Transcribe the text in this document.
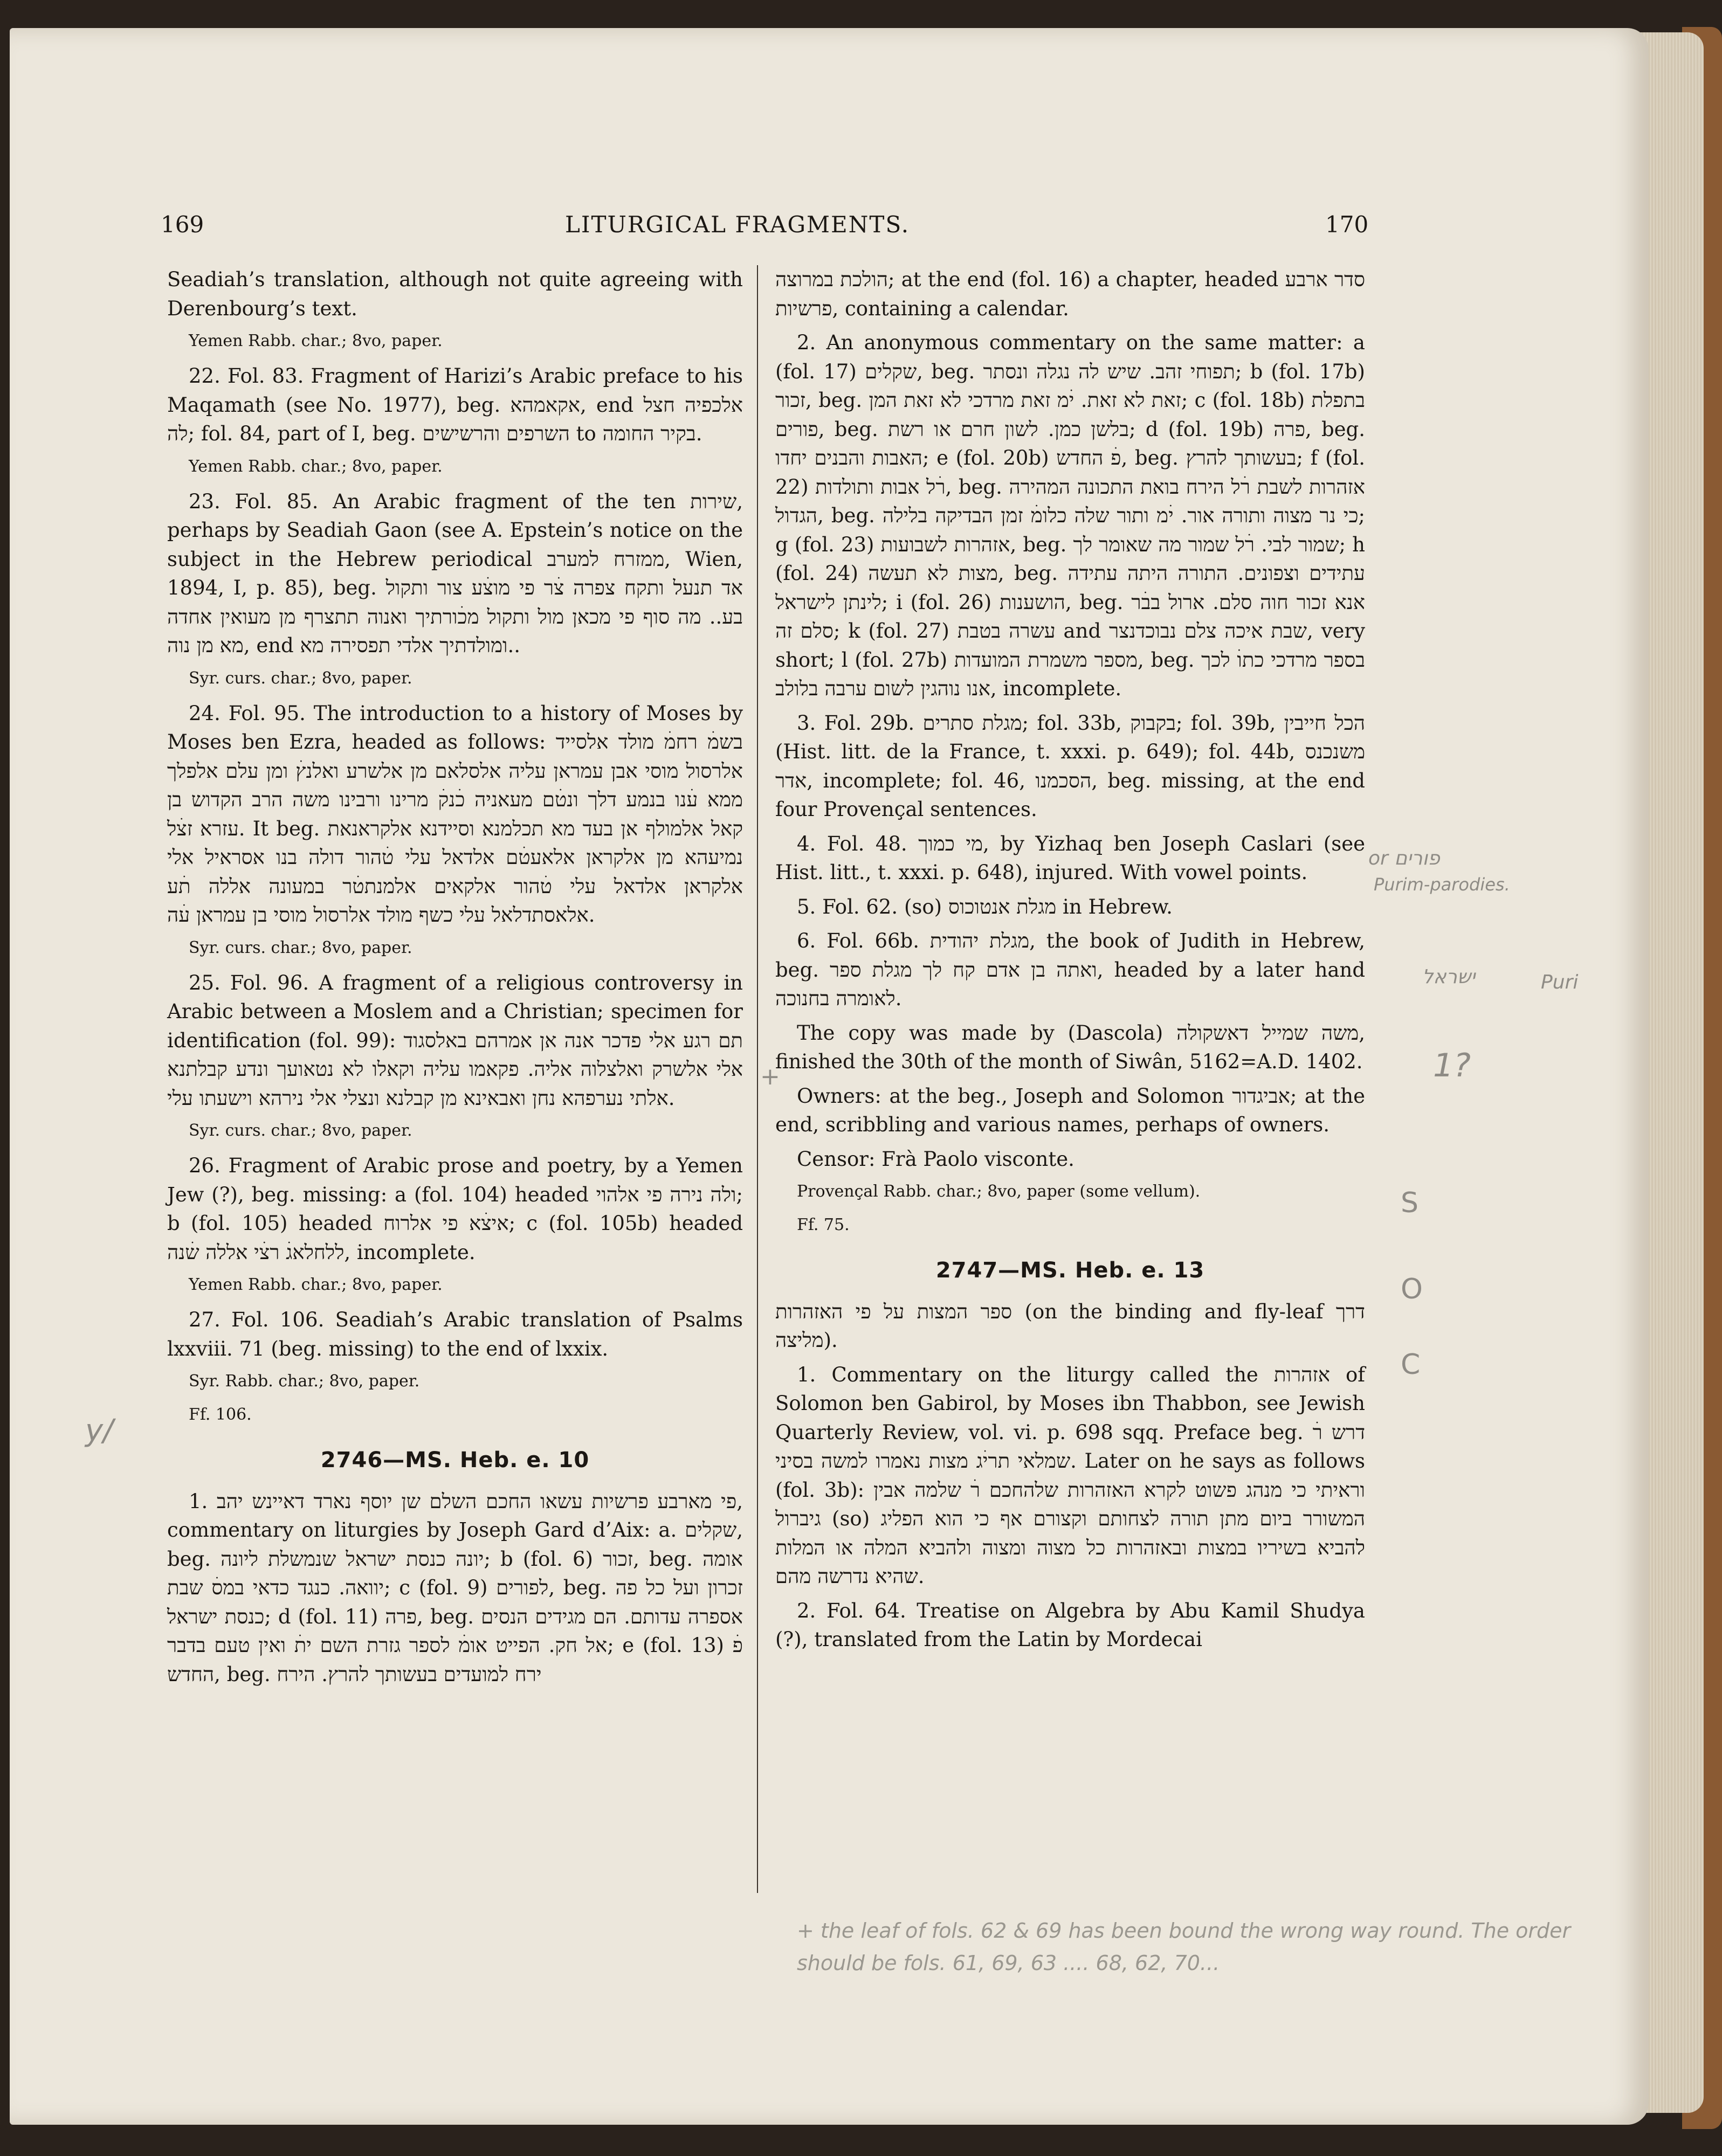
169	LITURGICAL FRAGMENTS.	170

Seadiah’s translation, although not quite agreeing with Derenbourg’s text.

Yemen Rabb. char.; 8vo, paper.

22. Fol. 83. Fragment of Harizi’s Arabic preface to his Maqamath (see No. 1977), beg. אקאמהא, end אלכפיה חצל לה; fol. 84, part of I, beg. השרפים והרשישים to בקיר החומה.

Yemen Rabb. char.; 8vo, paper.

23. Fol. 85. An Arabic fragment of the ten שירות, perhaps by Seadiah Gaon (see A. Epstein’s notice on the subject in the Hebrew periodical ממזרח למערב, Wien, 1894, I, p. 85), beg. אד תנעל ותקח צפרה צׄר פי מוצׄע צור ותקול בע.. מה סוף פי מכאן מול ותקול מכׄורתיך ואנוה תתצרף מן מעואין אחדה מא מן נוה, end ומולדתיך אלדי תפסירה מא..

Syr. curs. char.; 8vo, paper.

24. Fol. 95. The introduction to a history of Moses by Moses ben Ezra, headed as follows: בשמׄ רחמׄ מולד אלסייד אלרסול מוסי אבן עמראן עליה אלסלאם מן אלשרע ואלנץׄ ומן עלם אלפלך ממא עׄנו בנמע דלך ונטׄם מעאניה כׄנקׄ מרינו ורבינו משה הרב הקדוש בן עזרא זצׄל. It beg. קאל אלמולף אן בעד מא תכלמנא וסיידנא אלקראנאת נמיעהא מן אלקראן אלאעטׄם אלדאל עלי טׄהור דולה בנו אסראיל אלי אלקראן אלדאל עלי טׄהור אלקאים אלמנתטׄר במעונה אללה תׄע אלאסתדלאל עלי כשף מולד אלרסול מוסי בן עמראן עׄה.

Syr. curs. char.; 8vo, paper.

25. Fol. 96. A fragment of a religious controversy in Arabic between a Moslem and a Christian; specimen for identification (fol. 99): תם רגע אלי פדכר אנה אן אמרהם באלסגוד אלי אלשרק ואלצלוה אליה. פקאמו עליה וקאלו לא נטאועך ונדע קבלתנא אלתי נערפהא נחן ואבאינא מן קבלנא ונצלי אלי נירהא וישעתו עלי.

Syr. curs. char.; 8vo, paper.

26. Fragment of Arabic prose and poetry, by a Yemen Jew (?), beg. missing: a (fol. 104) headed ולה נירה פי אלהוי; b (fol. 105) headed איצׄא פי אלרוח; c (fol. 105b) headed ללחלאגׄ רצׄי אללה שׄנה, incomplete.

Yemen Rabb. char.; 8vo, paper.

27. Fol. 106. Seadiah’s Arabic translation of Psalms lxxviii. 71 (beg. missing) to the end of lxxix.

Syr. Rabb. char.; 8vo, paper.

Ff. 106.

2746—MS. Heb. e. 10

1. פי מארבע פרשיות עשאו החכם השלם שן יוסף נארד דאיינש יהב, commentary on liturgies by Joseph Gard d’Aix: a. שקלים, beg. יונה כנסת ישראל שנמשלת ליונה; b (fol. 6) זכור, beg. אומה יוואה. כנגד כדאי במסׄ שבת; c (fol. 9) לפורים, beg. זכרון ועל כל פה כנסת ישראל; d (fol. 11) פרה, beg. אספרה עדותם. הם מגידים הנסים אל חק. הפייט אומׄ לספר גזרת השם יתׄ ואין טעם בדבר; e (fol. 13) פׄ החדש, beg. ירח למועדים בעשותך להרץ. הירח

הולכת במרוצה; at the end (fol. 16) a chapter, headed סדר ארבע פרשיות, containing a calendar.

2. An anonymous commentary on the same matter: a (fol. 17) שקלים, beg. תפוחי זהב. שיש לה נגלה ונסתר; b (fol. 17b) זכור, beg. זאת לא זאת. יׄמ זאת מרדכי לא זאת המן; c (fol. 18b) בתפלת פורים, beg. בלשן כמן. לשון חרם או רשת; d (fol. 19b) פרה, beg. האבות והבנים יחדו; e (fol. 20b) פׄ החדש, beg. בעשותך להרץ; f (fol. 22) רׄל אבות ותולדות, beg. אזהרות לשבת רׄל הירח בואת התכונה המהירה הגדול, beg. כי נר מצוה ותורה אור. יׄמ ותור שלה כלומׄ זמן הבדיקה בלילה; g (fol. 23) אזהרות לשבועות, beg. שמור לבי. רׄל שמור מה שאומר לך; h (fol. 24) מצות לא תעשה, beg. עתידים וצפונים. התורה היתה עתידה לינתן לישראל; i (fol. 26) הושענות, beg. אנא זכור חוה סלם. ארול בבׄר סלם זה; k (fol. 27) עשרה בטבת and שבת איכה צלם נבוכדנצר, very short; l (fol. 27b) מספר משמרת המועדות, beg. בספר מרדכי כתוׄ לכך אנו נוהגין לשום ערבה בלולב, incomplete.

3. Fol. 29b. מגלת סתרים; fol. 33b, בקבוק; fol. 39b, הכל חייבין (Hist. litt. de la France, t. xxxi. p. 649); fol. 44b, משנכנס אדר, incomplete; fol. 46, הסכמנו, beg. missing, at the end four Provençal sentences.

4. Fol. 48. מי כמוך, by Yizhaq ben Joseph Caslari (see Hist. litt., t. xxxi. p. 648), injured. With vowel points.

5. Fol. 62. (so) מגלת אנטוכוס in Hebrew.

6. Fol. 66b. מגלת יהודית, the book of Judith in Hebrew, beg. ואתה בן אדם קח לך מגלת ספר, headed by a later hand לאומרה בחנוכה.

The copy was made by (Dascola) משה שמייל דאשקולה, finished the 30th of the month of Siwân, 5162=A.D. 1402.

Owners: at the beg., Joseph and Solomon אביגדור; at the end, scribbling and various names, perhaps of owners.

Censor: Frà Paolo visconte.

Provençal Rabb. char.; 8vo, paper (some vellum).

Ff. 75.

2747—MS. Heb. e. 13

ספר המצות על פי האזהרות (on the binding and fly-leaf דרך מליצה).

1. Commentary on the liturgy called the אזהרות of Solomon ben Gabirol, by Moses ibn Thabbon, see Jewish Quarterly Review, vol. vi. p. 698 sqq. Preface beg. דרש רׄ שמלאי תריׄג מצות נאמרו למשה בסיני. Later on he says as follows (fol. 3b): וראיתי כי מנהג פשוט לקרא האזהרות שלהחכם רׄ שלמה אבין גיברול (so) המשורר ביום מתן תורה לצחותם וקצורם אף כי הוא הפליג להביא בשיריו במצות ובאזהרות כל מצוה ומצוה ולהביא המלה או המלות שהיא נדרשה מהם.

2. Fol. 64. Treatise on Algebra by Abu Kamil Shudya (?), translated from the Latin by Mordecai

or פורים
Purim-parodies.
Puri
ישראל
1?
S
O
C
y/
+
+ the leaf of fols. 62 & 69 has been bound the wrong way round. The order should be fols. 61, 69, 63 .... 68, 62, 70...
